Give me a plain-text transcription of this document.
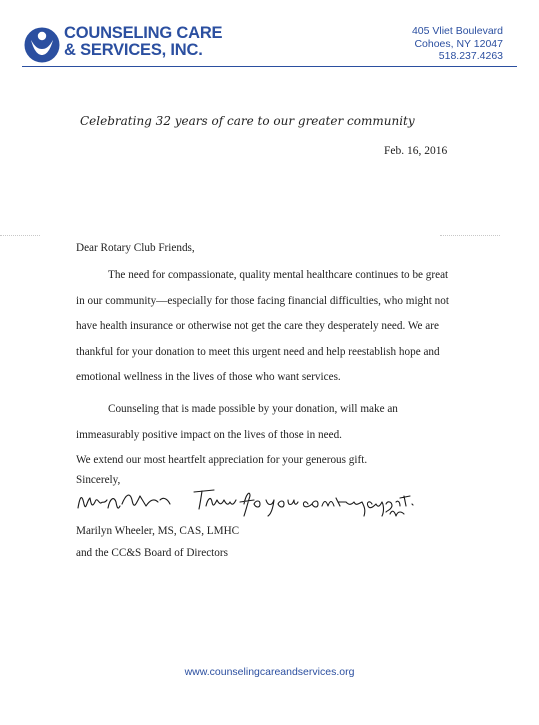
COUNSELING CARE
& SERVICES, INC.
405 Vliet Boulevard
Cohoes, NY 12047
518.237.4263
Celebrating 32 years of care to our greater community
Feb. 16, 2016
Dear Rotary Club Friends,
The need for compassionate, quality mental healthcare continues to be great
in our community—especially for those facing financial difficulties, who might not
have health insurance or otherwise not get the care they desperately need. We are
thankful for your donation to meet this urgent need and help reestablish hope and
emotional wellness in the lives of those who want services.
Counseling that is made possible by your donation, will make an
immeasurably positive impact on the lives of those in need.
We extend our most heartfelt appreciation for your generous gift.
Sincerely,
Marilyn Wheeler, MS, CAS, LMHC
and the CC&S Board of Directors
www.counselingcareandservices.org
